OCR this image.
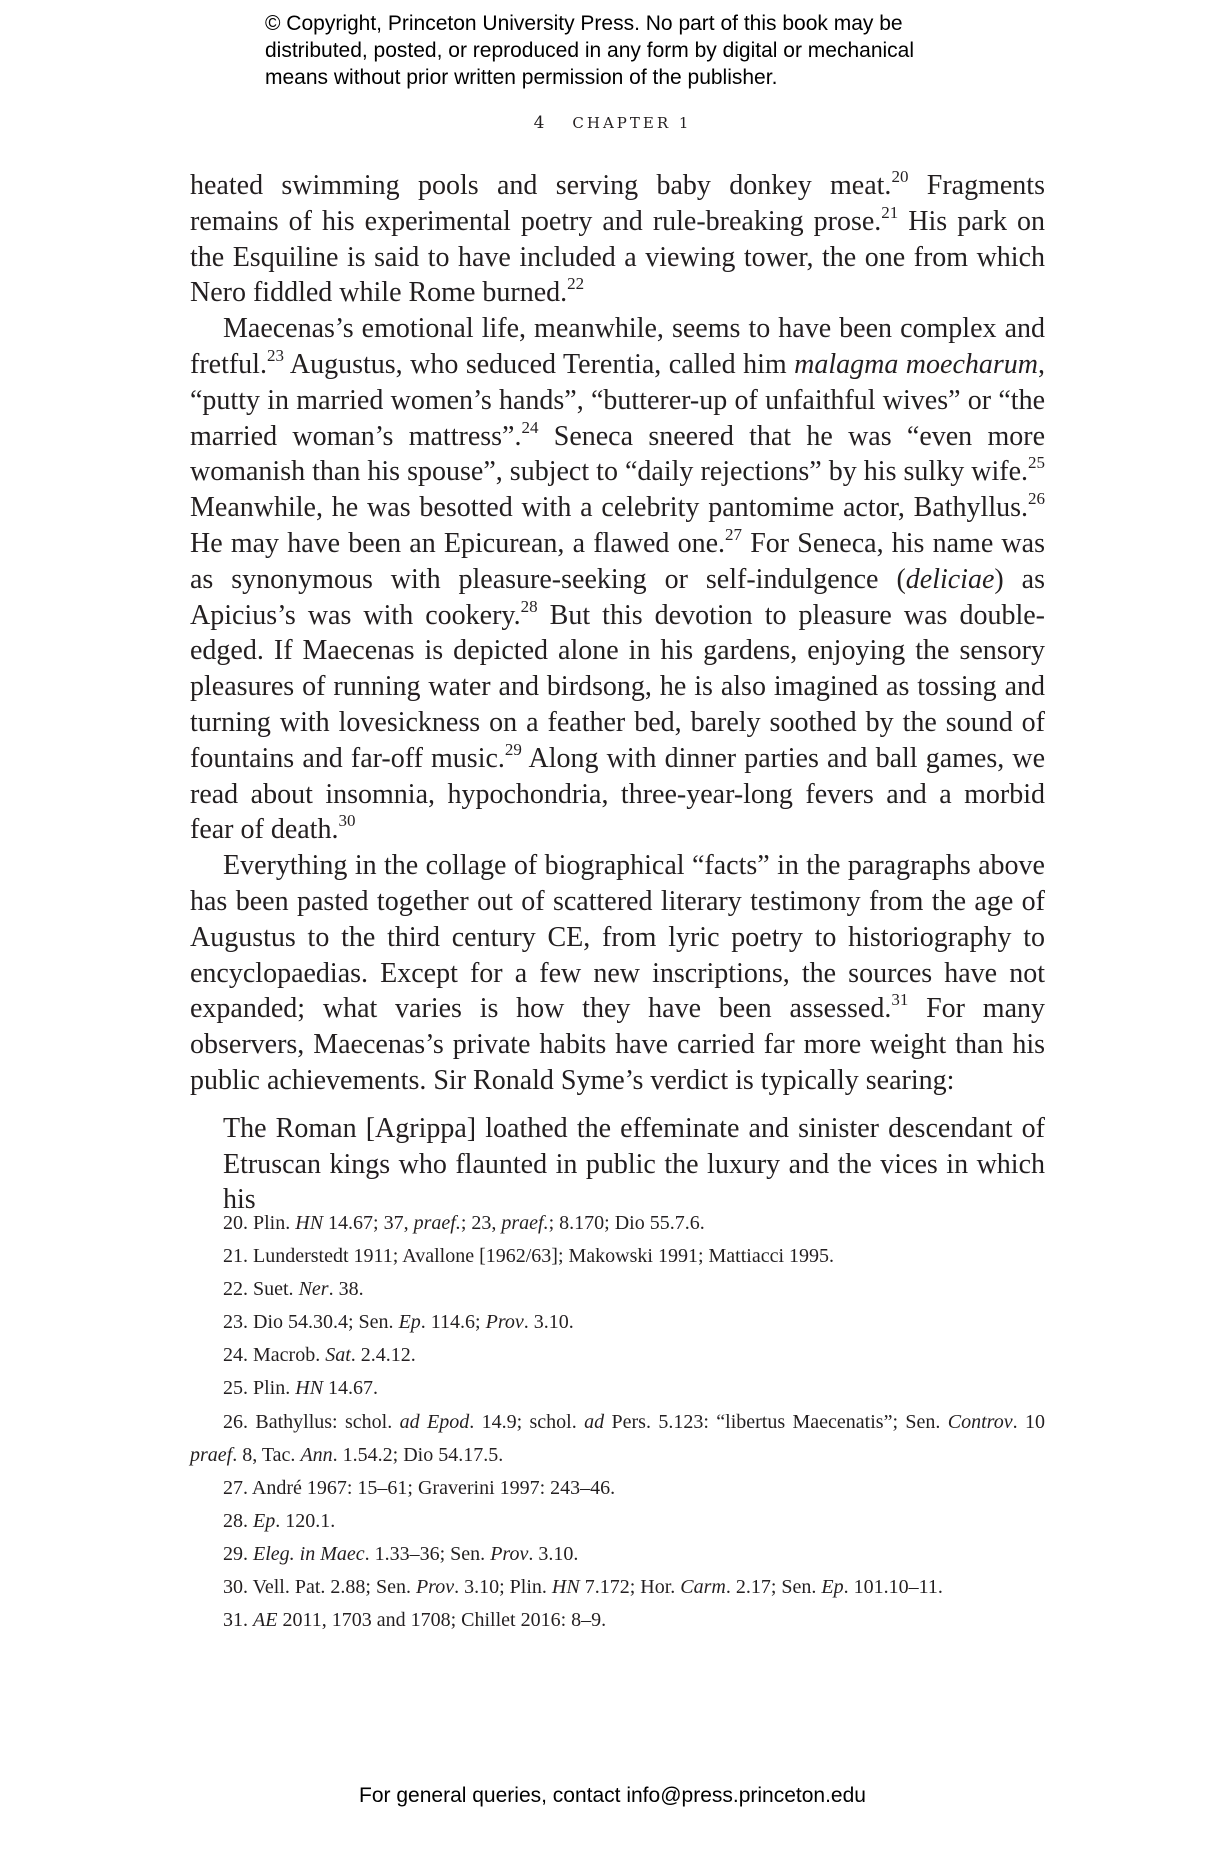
© Copyright, Princeton University Press. No part of this book may be

distributed, posted, or reproduced in any form by digital or mechanical

means without prior written permission of the publisher.

4 CHAPTER 1

heated swimming pools and serving baby donkey meat.$^{20}$ Fragments remains of his experimental poetry and rule-breaking prose.$^{21}$ His park on the Esquiline is said to have included a viewing tower, the one from which Nero fiddled while Rome burned.$^{22}$

Maecenas’s emotional life, meanwhile, seems to have been complex and fretful.$^{23}$ Augustus, who seduced Terentia, called him malagma moecharum, “putty in married women’s hands”, “butterer-up of unfaithful wives” or “the married woman’s mattress”.$^{24}$ Seneca sneered that he was “even more womanish than his spouse”, subject to “daily rejections” by his sulky wife.$^{25}$ Meanwhile, he was besotted with a celebrity pantomime actor, Bathyllus.$^{26}$ He may have been an Epicurean, a flawed one.$^{27}$ For Seneca, his name was as synonymous with pleasure-seeking or self-indulgence (deliciae) as Apicius’s was with cookery.$^{28}$ But this devotion to pleasure was double-edged. If Maecenas is depicted alone in his gardens, enjoying the sensory pleasures of running water and birdsong, he is also imagined as tossing and turning with lovesickness on a feather bed, barely soothed by the sound of fountains and far-off music.$^{29}$ Along with dinner parties and ball games, we read about insomnia, hypochondria, three-year-long fevers and a morbid fear of death.$^{30}$

Everything in the collage of biographical “facts” in the paragraphs above has been pasted together out of scattered literary testimony from the age of Augustus to the third century CE, from lyric poetry to historiography to encyclopaedias. Except for a few new inscriptions, the sources have not expanded; what varies is how they have been assessed.$^{31}$ For many observers, Maecenas’s private habits have carried far more weight than his public achievements. Sir Ronald Syme’s verdict is typically searing:

The Roman [Agrippa] loathed the effeminate and sinister descendant of Etruscan kings who flaunted in public the luxury and the vices in which his

20. Plin. HN 14.67; 37, praef.; 23, praef.; 8.170; Dio 55.7.6.

21. Lunderstedt 1911; Avallone [1962/63]; Makowski 1991; Mattiacci 1995.

22. Suet. Ner. 38.

23. Dio 54.30.4; Sen. Ep. 114.6; Prov. 3.10.

24. Macrob. Sat. 2.4.12.

25. Plin. HN 14.67.

26. Bathyllus: schol. ad Epod. 14.9; schol. ad Pers. 5.123: “libertus Maecenatis”; Sen. Controv. 10 praef. 8, Tac. Ann. 1.54.2; Dio 54.17.5.

27. André 1967: 15–61; Graverini 1997: 243–46.

28. Ep. 120.1.

29. Eleg. in Maec. 1.33–36; Sen. Prov. 3.10.

30. Vell. Pat. 2.88; Sen. Prov. 3.10; Plin. HN 7.172; Hor. Carm. 2.17; Sen. Ep. 101.10–11.

31. AE 2011, 1703 and 1708; Chillet 2016: 8–9.

For general queries, contact info@press.princeton.edu
